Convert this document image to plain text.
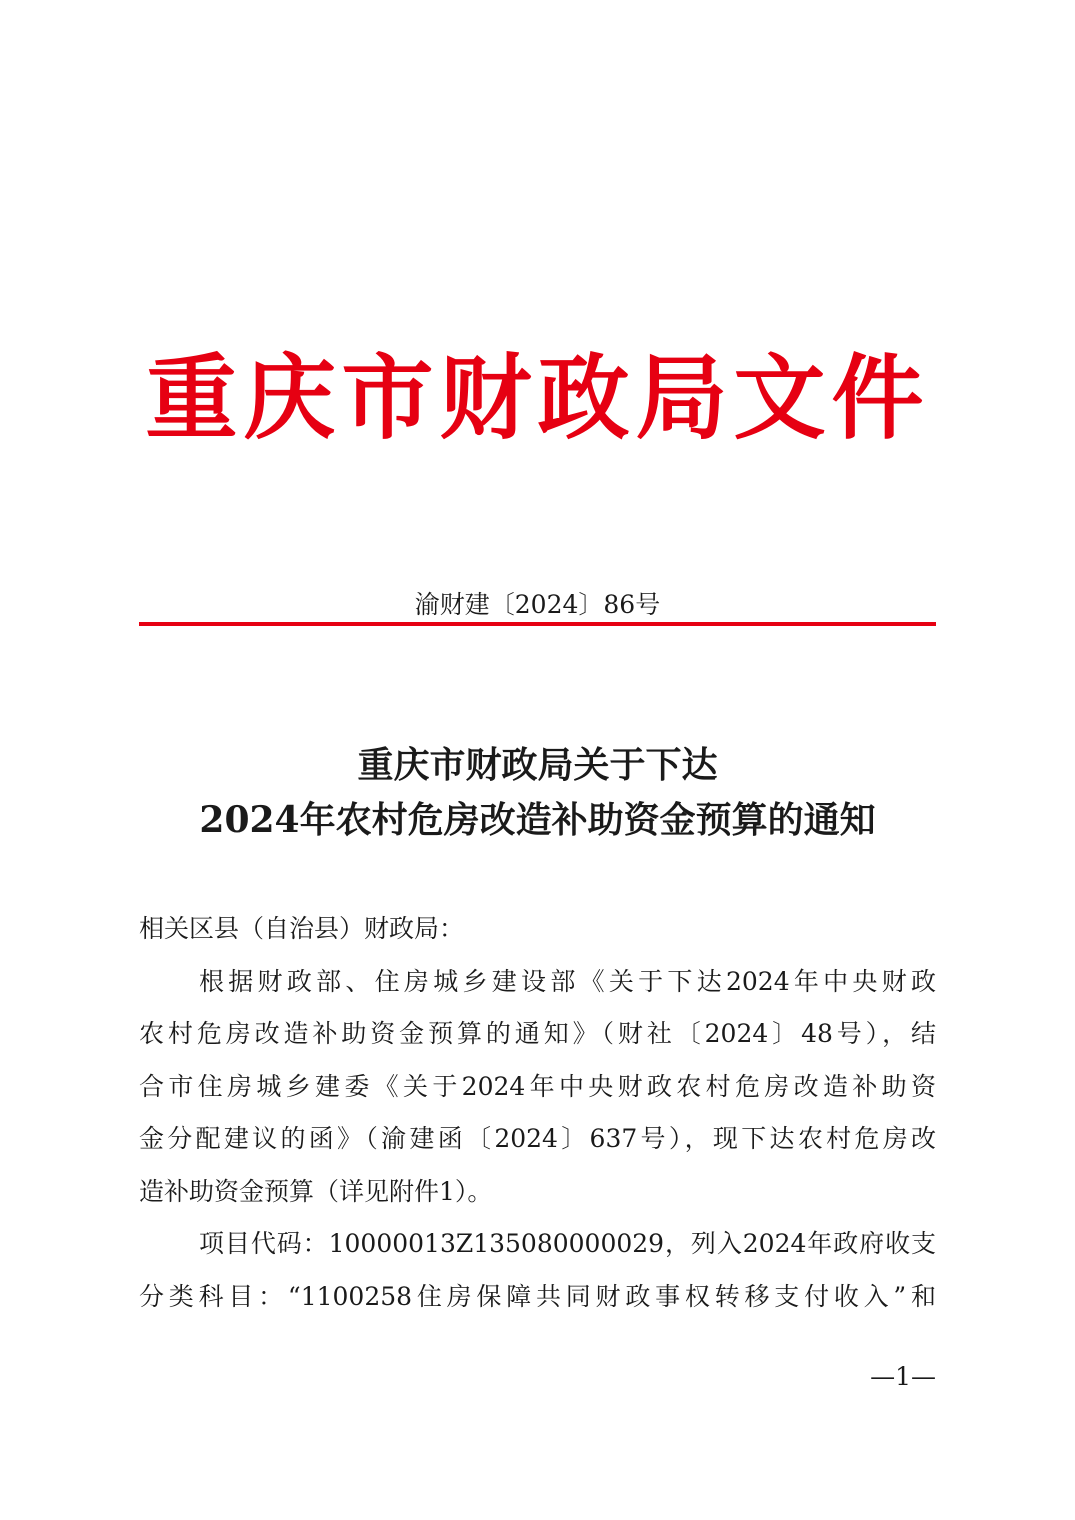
重庆市财政局文件
渝财建〔2024〕86号
重庆市财政局关于下达
2024年农村危房改造补助资金预算的通知
相关区县（自治县）财政局：
根据财政部、住房城乡建设部《关于下达2024年中央财政
农村危房改造补助资金预算的通知》（财社〔2024〕48号），结
合市住房城乡建委《关于2024年中央财政农村危房改造补助资
金分配建议的函》（渝建函〔2024〕637号），现下达农村危房改
造补助资金预算（详见附件1）。
项目代码：10000013Z135080000029，列入2024年政府收支
分类科目：“1100258住房保障共同财政事权转移支付收入”和
—1—
